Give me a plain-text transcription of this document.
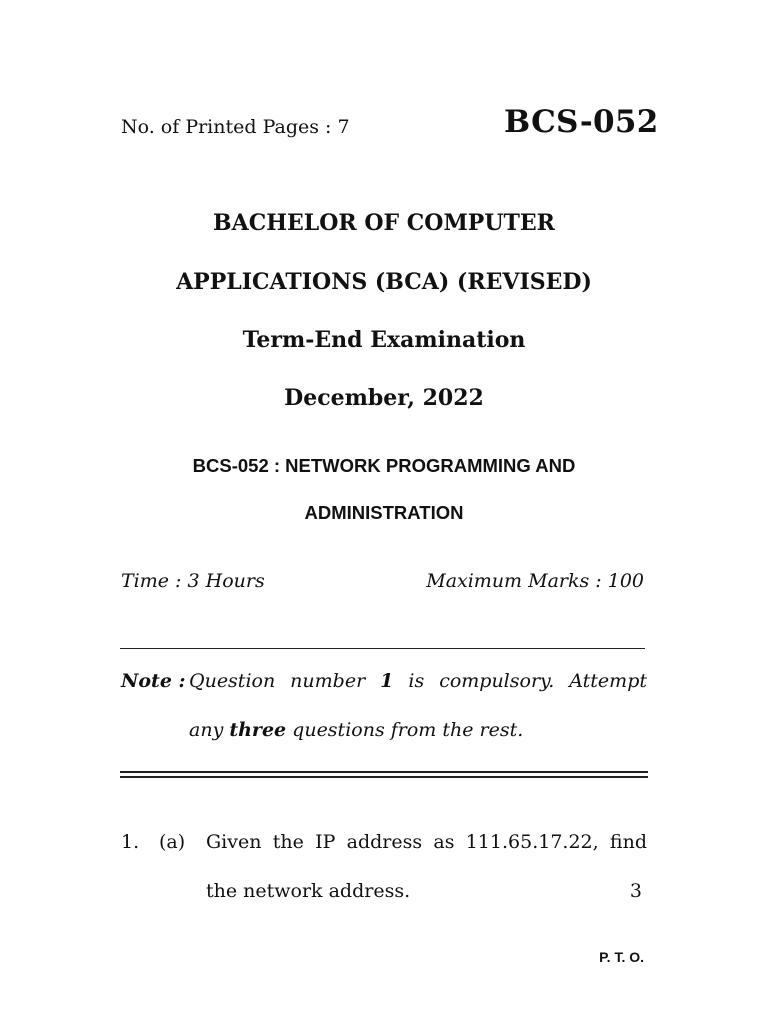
No. of Printed Pages : 7	BCS-052
BACHELOR OF COMPUTER
APPLICATIONS (BCA) (REVISED)
Term-End Examination
December, 2022
BCS-052 : NETWORK PROGRAMMING AND
ADMINISTRATION
Time : 3 Hours	Maximum Marks : 100
Note : Question number 1 is compulsory. Attempt
any three questions from the rest.
1. (a) Given the IP address as 111.65.17.22, find
the network address.	3
P. T. O.
